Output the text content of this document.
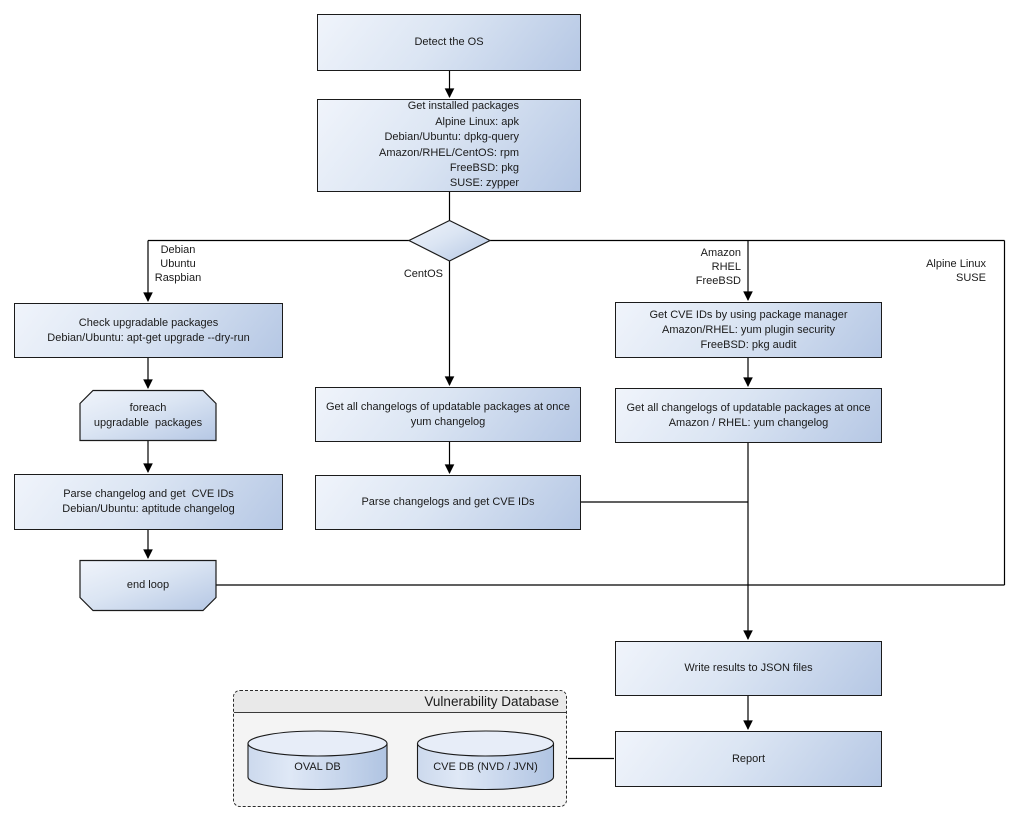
Vulnerability Database
Detect the OS
Get installed packages
Alpine Linux: apk
Debian/Ubuntu: dpkg-query
Amazon/RHEL/CentOS: rpm
FreeBSD: pkg
SUSE: zypper
Check upgradable packages
Debian/Ubuntu: apt-get upgrade --dry-run
Parse changelog and get  CVE IDs
Debian/Ubuntu: aptitude changelog
Get all changelogs of updatable packages at once
yum changelog
Parse changelogs and get CVE IDs
Get CVE IDs by using package manager
Amazon/RHEL: yum plugin security
FreeBSD: pkg audit
Get all changelogs of updatable packages at once
Amazon / RHEL: yum changelog
Write results to JSON files
Report
foreach
upgradable  packages
end loop
OVAL DB	CVE DB (NVD / JVN)
Debian
Ubuntu
Raspbian	CentOS
Amazon
RHEL
FreeBSD
Alpine Linux
SUSE
